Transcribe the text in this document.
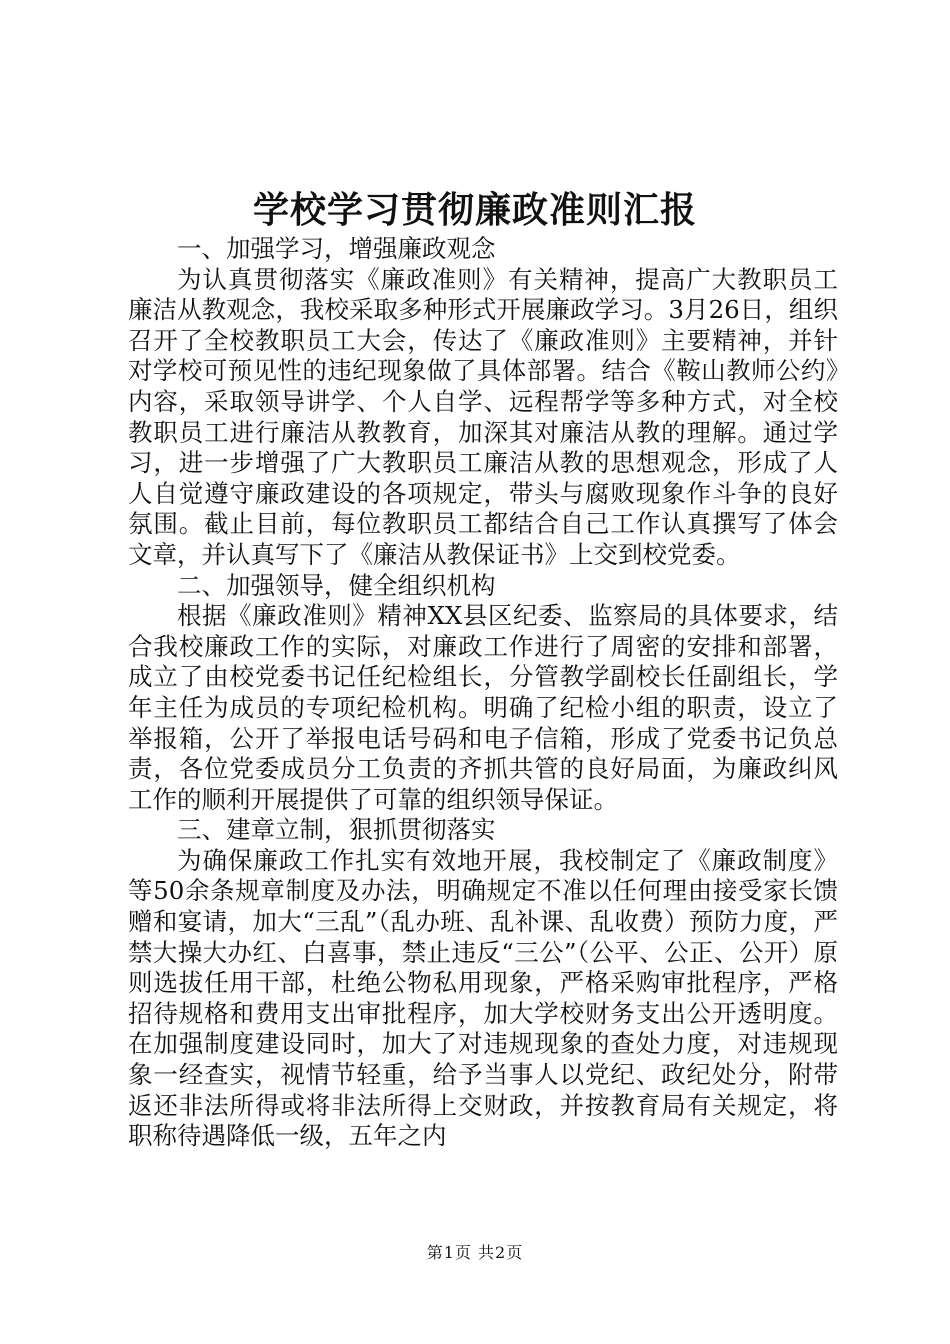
学校学习贯彻廉政准则汇报

一、加强学习，增强廉政观念

为认真贯彻落实《廉政准则》有关精神，提高广大教职员工廉洁从教观念，我校采取多种形式开展廉政学习。3月26日，组织召开了全校教职员工大会，传达了《廉政准则》主要精神，并针对学校可预见性的违纪现象做了具体部署。结合《鞍山教师公约》内容，采取领导讲学、个人自学、远程帮学等多种方式，对全校教职员工进行廉洁从教教育，加深其对廉洁从教的理解。通过学习，进一步增强了广大教职员工廉洁从教的思想观念，形成了人人自觉遵守廉政建设的各项规定，带头与腐败现象作斗争的良好氛围。截止目前，每位教职员工都结合自己工作认真撰写了体会文章，并认真写下了《廉洁从教保证书》上交到校党委。

二、加强领导，健全组织机构

根据《廉政准则》精神XX县区纪委、监察局的具体要求，结合我校廉政工作的实际，对廉政工作进行了周密的安排和部署，成立了由校党委书记任纪检组长，分管教学副校长任副组长，学年主任为成员的专项纪检机构。明确了纪检小组的职责，设立了举报箱，公开了举报电话号码和电子信箱，形成了党委书记负总责，各位党委成员分工负责的齐抓共管的良好局面，为廉政纠风工作的顺利开展提供了可靠的组织领导保证。

三、建章立制，狠抓贯彻落实

为确保廉政工作扎实有效地开展，我校制定了《廉政制度》等50余条规章制度及办法，明确规定不准以任何理由接受家长馈赠和宴请，加大“三乱”（乱办班、乱补课、乱收费）预防力度，严禁大操大办红、白喜事，禁止违反“三公”（公平、公正、公开）原则选拔任用干部，杜绝公物私用现象，严格采购审批程序，严格招待规格和费用支出审批程序，加大学校财务支出公开透明度。在加强制度建设同时，加大了对违规现象的查处力度，对违规现象一经查实，视情节轻重，给予当事人以党纪、政纪处分，附带返还非法所得或将非法所得上交财政，并按教育局有关规定，将职称待遇降低一级，五年之内

第1页 共2页
